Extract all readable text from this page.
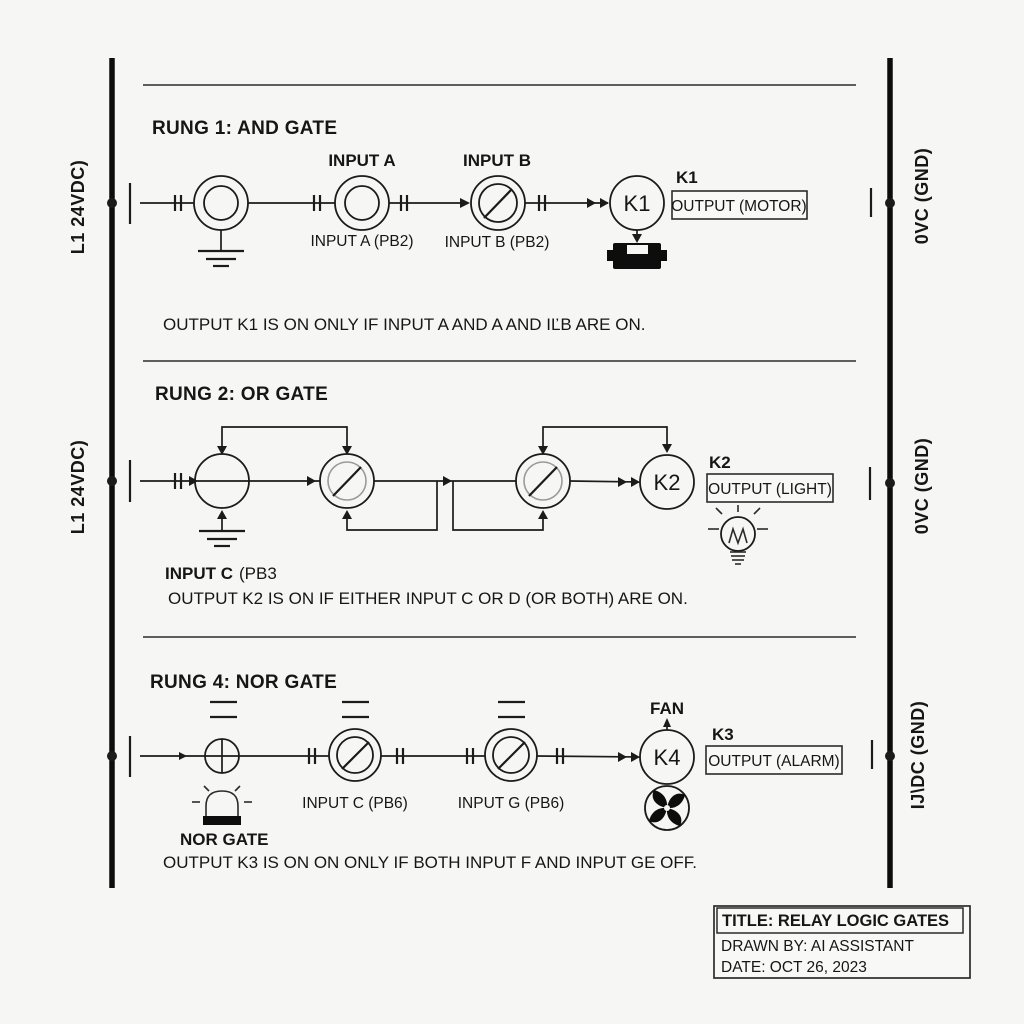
L1 24VDC)
L1 24VDC)
0VC (GND)
0VC (GND)
IJ\DC (GND)
RUNG 1: AND GATE
INPUT A
INPUT A (PB2)
INPUT B
INPUT B (PB2)
K1
K1
OUTPUT (MOTOR)
OUTPUT K1 IS ON ONLY IF INPUT A AND A AND IĽB ARE ON.
RUNG 2: OR GATE
K2
K2
OUTPUT (LIGHT)
INPUT C (PB3
OUTPUT K2 IS ON IF EITHER INPUT C OR D (OR BOTH) ARE ON.
RUNG 4: NOR GATE
NOR GATE
INPUT C (PB6)	INPUT G (PB6)
FAN
K4
K3
OUTPUT (ALARM)
OUTPUT K3 IS ON ON ONLY IF BOTH INPUT F AND INPUT GE OFF.
TITLE: RELAY LOGIC GATES
DRAWN BY: AI ASSISTANT
DATE: OCT 26, 2023
